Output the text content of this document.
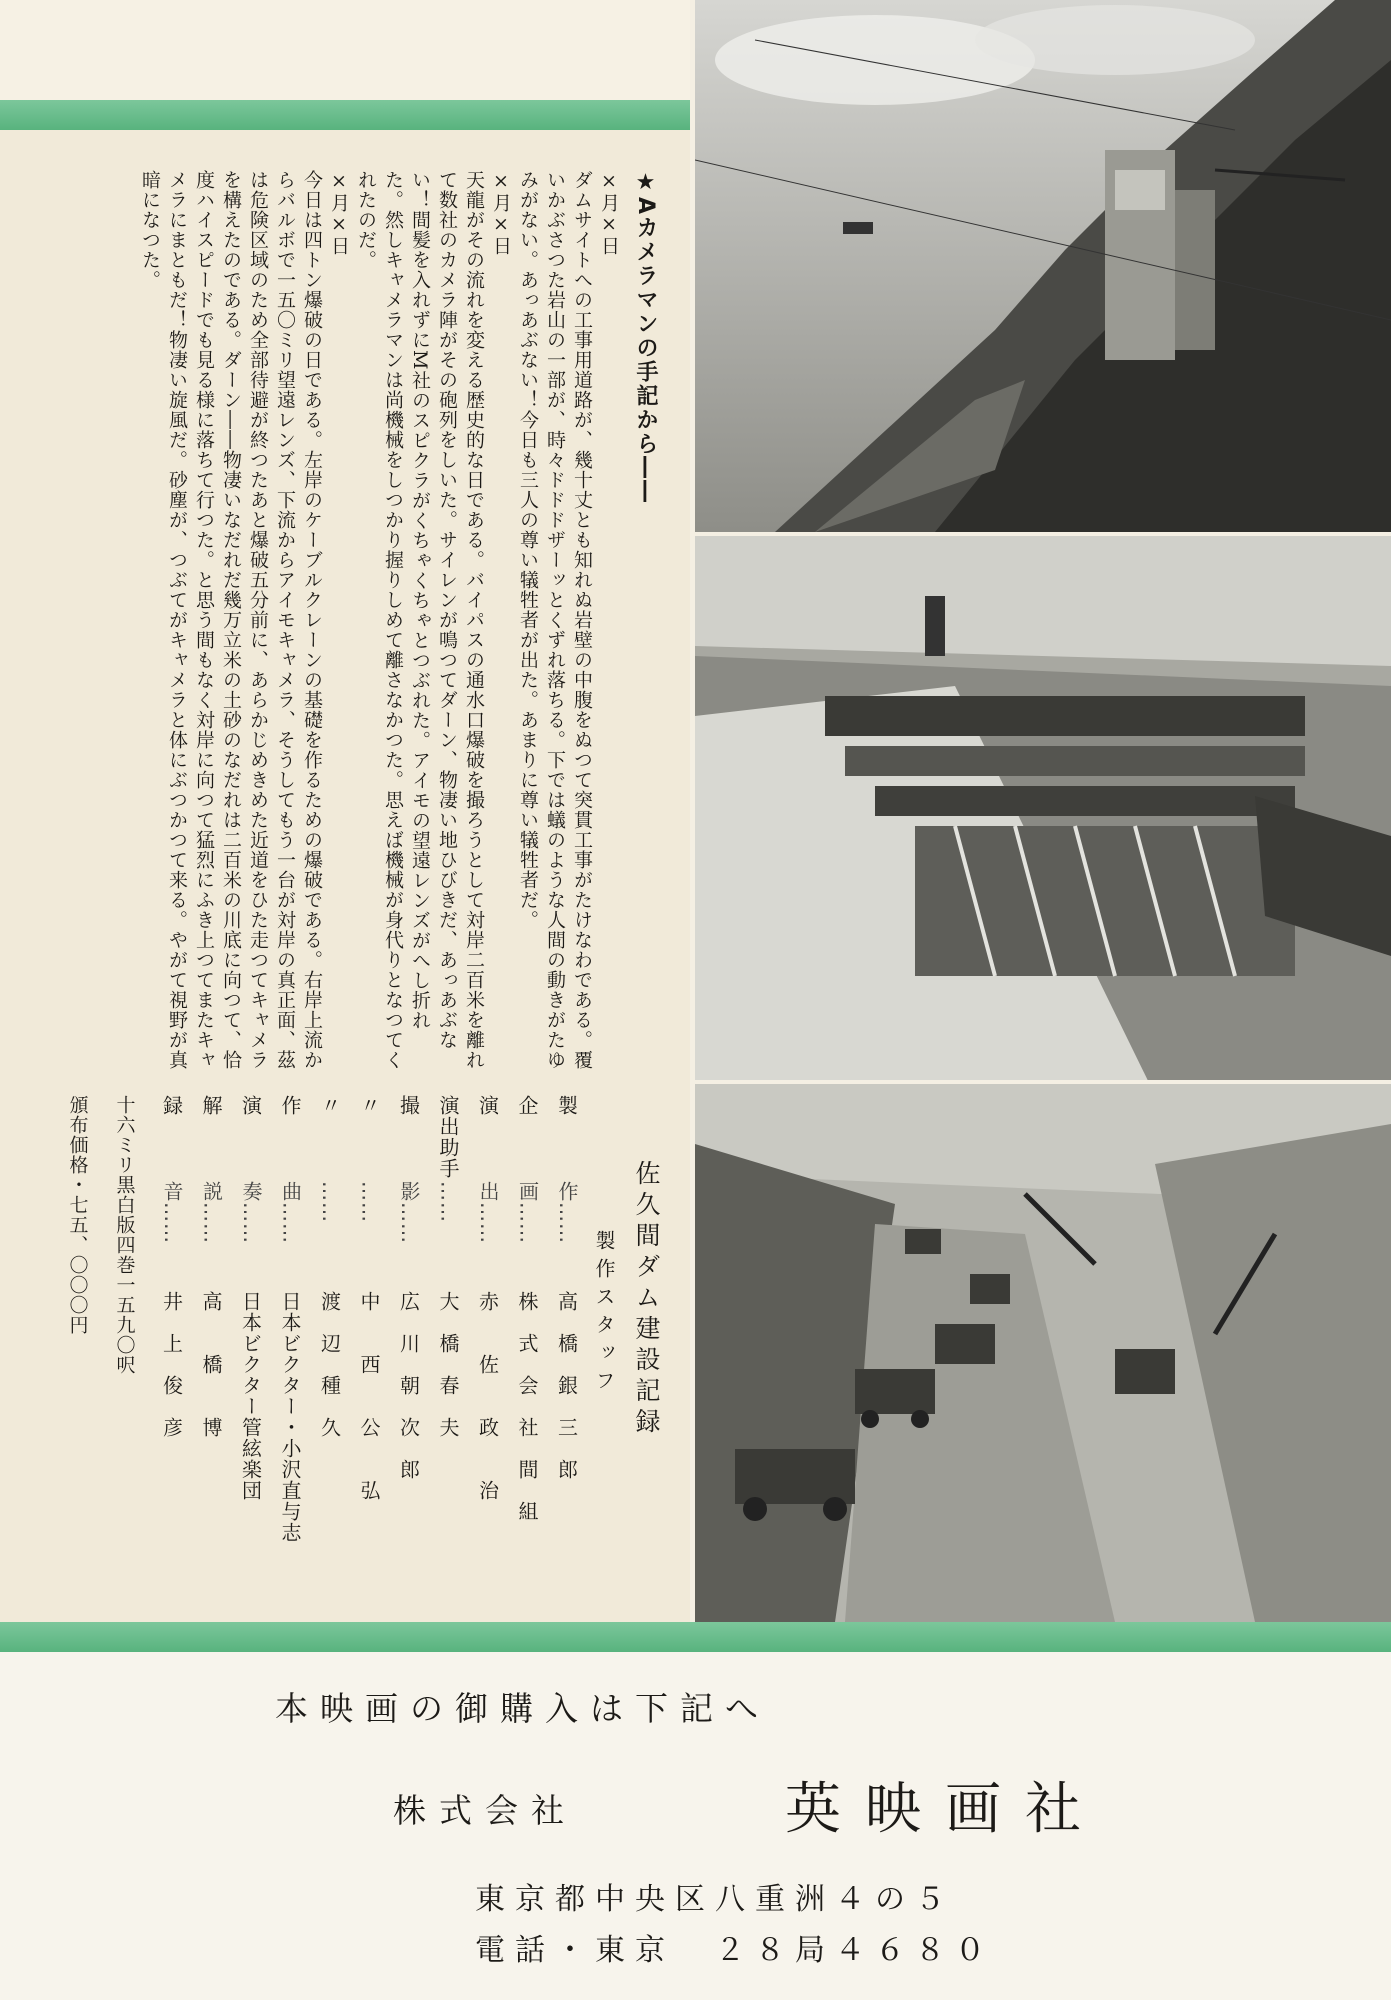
★Aカメラマンの手記から――

×月×日
ダムサイトへの工事用道路が、幾十丈とも知れぬ岩壁の中腹をぬつて突貫工事がたけなわである。覆いかぶさつた岩山の一部が、時々ドドドザーッとくずれ落ちる。下では蟻のような人間の動きがたゆみがない。あっあぶない！今日も三人の尊い犠牲者が出た。あまりに尊い犠牲者だ。

×月×日
天龍がその流れを変える歴史的な日である。バイパスの通水口爆破を撮ろうとして対岸二百米を離れて数社のカメラ陣がその砲列をしいた。サイレンが鳴つてダーン、物凄い地ひびきだ、あっあぶない！間髪を入れずにM社のスピクラがくちゃくちゃとつぶれた。アイモの望遠レンズがへし折れた。然しキャメラマンは尚機械をしつかり握りしめて離さなかつた。思えば機械が身代りとなつてくれたのだ。

×月×日
今日は四トン爆破の日である。左岸のケーブルクレーンの基礎を作るための爆破である。右岸上流からバルボで一五〇ミリ望遠レンズ、下流からアイモキャメラ、そうしてもう一台が対岸の真正面、茲は危険区域のため全部待避が終つたあと爆破五分前に、あらかじめきめた近道をひた走つてキャメラを構えたのである。ダーン――物凄いなだれだ幾万立米の土砂のなだれは二百米の川底に向つて、恰度ハイスピードでも見る様に落ちて行つた。と思う間もなく対岸に向つて猛烈にふき上つてまたキャメラにまともだ！物凄い旋風だ。砂塵が、つぶてがキャメラと体にぶつかつて来る。やがて視野が真暗になつた。

佐久間ダム建設記録
製作スタッフ
製作……高　橋　銀　三　郎
企画……株　式　会　社　間　組
演出……赤　　佐　　政　　治
演出助手……大　橋　春　夫
撮影……広　川　朝　次　郎
〃……中　　西　　公　　弘
〃……渡　辺　種　久
作曲……日本ビクター・小沢直与志
演奏……日本ビクター管絃楽団
解説……高　　橋　　博
録音……井　上　俊　彦
十六ミリ黒白版四巻一五九〇呎
頒布価格・七五、〇〇〇円
本映画の御購入は下記へ
株式会社	英映画社
東京都中央区八重洲４の５
電話・東京　２８局４６８０
